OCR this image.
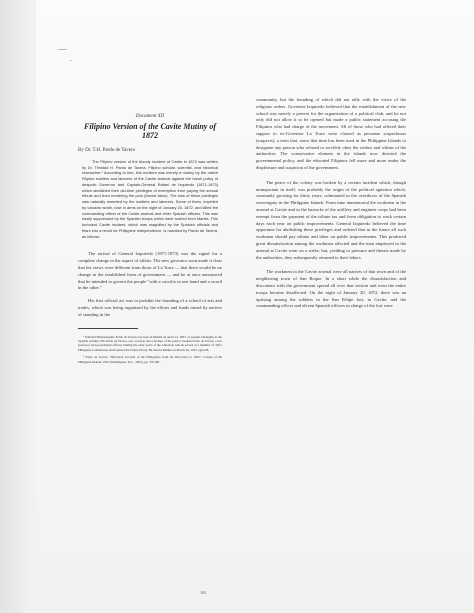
—
-
Document XII
Filipino Version of the Cavite Mutiny of
1872
By Dr. T.H. Pardo de Tavera

The Filipino version of the bloody incident of Cavite in 1872 was written by Dr. Trinidad H. Pardo de Tavera, Filipino scholar, scientist, and historical researcher.¹ According to him, this incident was merely a mutiny by the native Filipino soldiers and laborers of the Cavite arsenal against the harsh policy of despotic Governor and Captain-General Rafael de Izquierdo (1871-1873) which abolished their old-time privileges of exemption from paying the annual tribute and from rendering the polo (forced labor). The loss of these privileges was naturally resented by the soldiers and laborers. Some of them, impelled by volcanic wrath, rose in arms on the night of January 20, 1872, and killed the commanding officer of the Cavite arsenal and other Spanish officers. This was easily suppressed by the Spanish troops which were rushed from Manila. This turbulent Cavite incident, which was magnified by the Spanish officials and friars into a revolt for Philippine independence, is narrated by Pardo de Tavera, as follows:

The arrival of General Izquierdo (1871-1873) was the signal for a complete change in the aspect of affairs. The new governor soon made it clear that his views were different from those of La Torre — that there would be no change in the established form of government — and he at once announced that he intended to govern the people "with a crucifix in one hand and a sword in the other."

His first official act was to prohibit the founding of a school of arts and trades, which was being organized by the efforts and funds raised by natives of standing in the

¹ Trinidad Hermenegildo Pardo de Tavera was born in Manila on April 13, 1857, of parents belonging to the Spanish nobility. His Pardo de Tavera, was a lawyer and a brother of the patriot Joaquín Pardo de Tavera, a law professor and government official. During the early years of the American rule he served as a member of Taft's Philippine Commission and founded the Federal Party. He died in Manila on March 26, 1925, aged 68.

² Pardo de Tavera, "Historical Account of the Philippines from the Discovery to 1903," Census of the Philippine Islands: 1903 (Washington, D.C., 1905), pp. 378-381.

community, but the founding of which did not tally with the views of the religious orders. Governor Izquierdo believed that the establishment of the new school was merely a pretext for the organization of a political club, and he not only did not allow it to be opened but made a public statement accusing the Filipinos who had charge of the movement. All of those who had offered their support to ex-Governor La Torre were classed as personas sospechosas (suspects), a term that, since that time has been used in the Philippine Islands to designate any person who refused to servilely obey the wishes and whims of the authorities. The conservative element in the islands now directed the governmental policy, and the educated Filipinos fell more and more under the displeasure and suspicion of the government.

The peace of the colony was broken by a certain incident which, though unimportant in itself, was probably the origin of the political agitation which, constantly growing for thirty years, culminated in the overthrow of the Spanish sovereignty in the Philippine Islands. From time immemorial the workmen in the arsenal at Cavite and in the barracks of the artillery and engineer corps had been exempt from the payment of the tribute tax and from obligation to work certain days each year on public improvements. General Izquierdo believed the time opportune for abolishing these privileges and ordered that in the future all such workmen should pay tribute and labor on public improvements. This produced great dissatisfaction among the workmen affected and the men employed in the arsenal at Cavite went on a strike, but, yielding to pressure and threats made by the authorities, they subsequently returned to their labors.

The workmen in the Cavite arsenal were all natives of that town and of the neighboring town of San Roque. In a short while the dissatisfaction and discontent with the government spread all over that section and even the entire troops became disaffected. On the night of January 20, 1872, there was an uprising among the soldiers in the San Felipe fort, in Cavite, and the commanding officer and eleven Spanish officers in charge of the fort were

163
